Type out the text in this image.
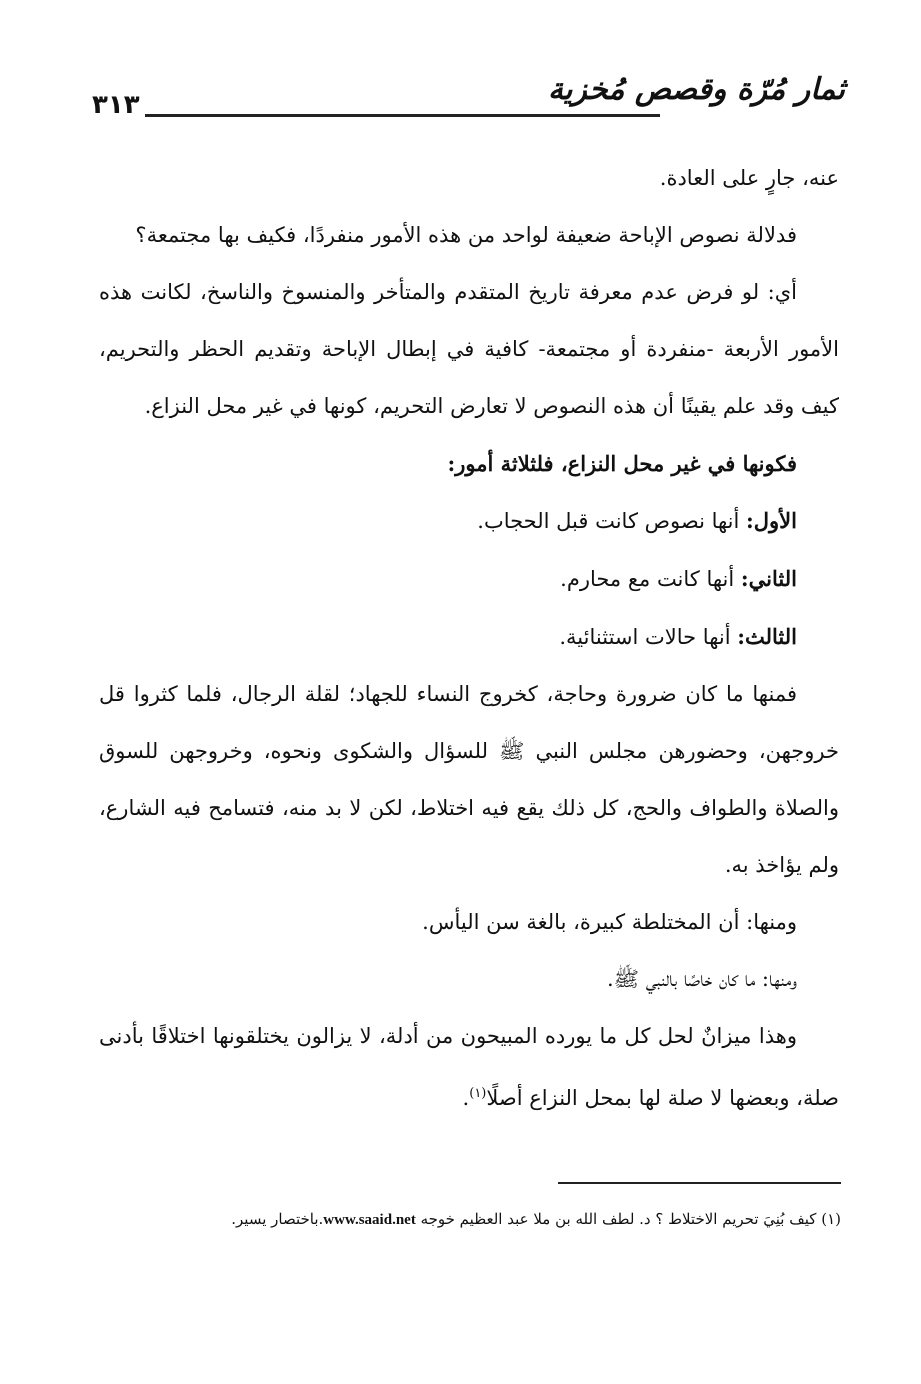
ثمار مُرّة وقصص مُخزية
٣١٣

عنه، جارٍ على العادة.

فدلالة نصوص الإباحة ضعيفة لواحد من هذه الأمور منفردًا، فكيف بها مجتمعة؟

أي: لو فرض عدم معرفة تاريخ المتقدم والمتأخر والمنسوخ والناسخ، لكانت هذه الأمور الأربعة -منفردة أو مجتمعة- كافية في إبطال الإباحة وتقديم الحظر والتحريم، كيف وقد علم يقينًا أن هذه النصوص لا تعارض التحريم، كونها في غير محل النزاع.

فكونها في غير محل النزاع، فلثلاثة أمور:

الأول: أنها نصوص كانت قبل الحجاب.

الثاني: أنها كانت مع محارم.

الثالث: أنها حالات استثنائية.

فمنها ما كان ضرورة وحاجة، كخروج النساء للجهاد؛ لقلة الرجال، فلما كثروا قل خروجهن، وحضورهن مجلس النبي ﷺ للسؤال والشكوى ونحوه، وخروجهن للسوق والصلاة والطواف والحج، كل ذلك يقع فيه اختلاط، لكن لا بد منه، فتسامح فيه الشارع، ولم يؤاخذ به.

ومنها: أن المختلطة كبيرة، بالغة سن اليأس.

ومنها: ما كان خاصًا بالنبي ﷺ.

وهذا ميزانٌ لحل كل ما يورده المبيحون من أدلة، لا يزالون يختلقونها اختلاقًا بأدنى صلة، وبعضها لا صلة لها بمحل النزاع أصلًا$^{(١)}$.

(١) كيف بُنِيَ تحريم الاختلاط ؟ د. لطف الله بن ملا عبد العظيم خوجه www.saaid.net.باختصار يسير.
